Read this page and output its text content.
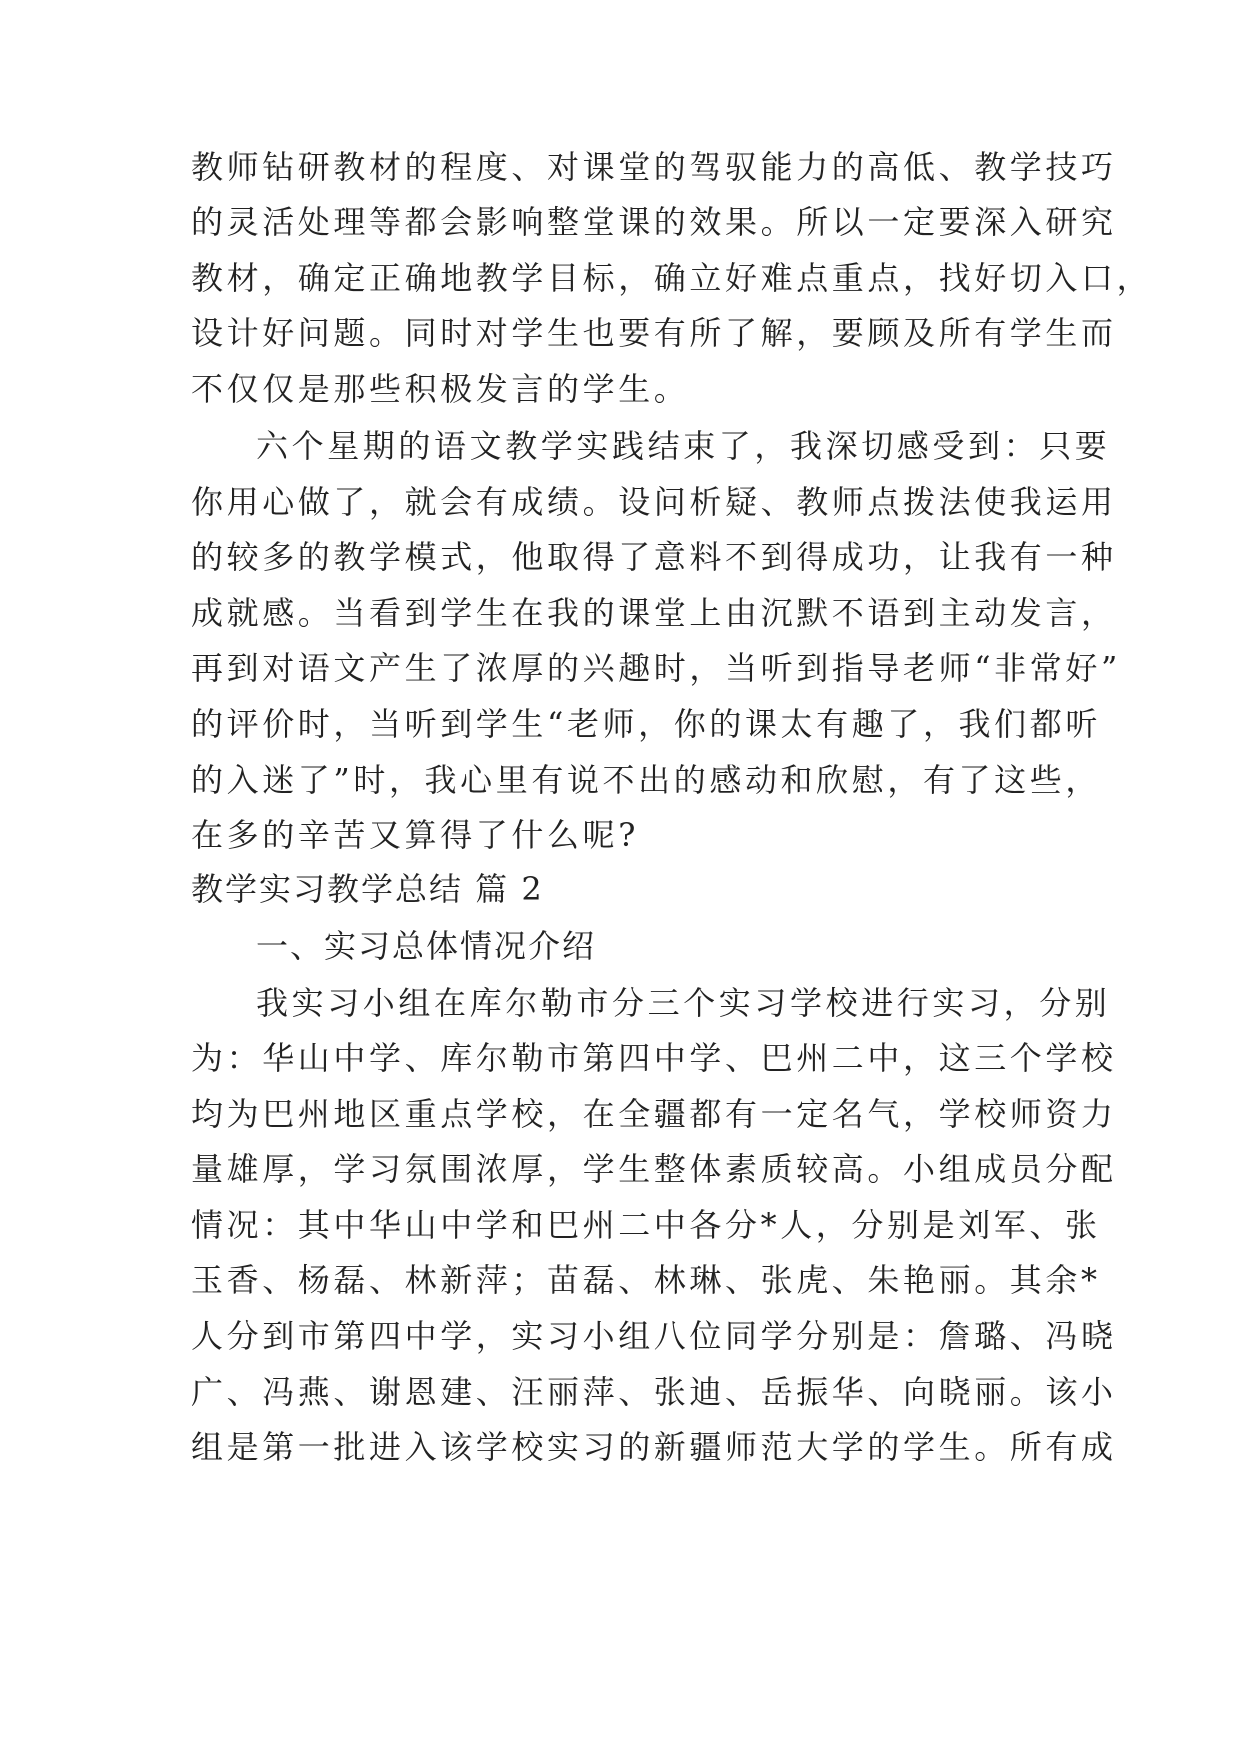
教师钻研教材的程度、对课堂的驾驭能力的高低、教学技巧
的灵活处理等都会影响整堂课的效果。所以一定要深入研究
教材，确定正确地教学目标，确立好难点重点，找好切入口，
设计好问题。同时对学生也要有所了解，要顾及所有学生而
不仅仅是那些积极发言的学生。
六个星期的语文教学实践结束了，我深切感受到：只要
你用心做了，就会有成绩。设问析疑、教师点拨法使我运用
的较多的教学模式，他取得了意料不到得成功，让我有一种
成就感。当看到学生在我的课堂上由沉默不语到主动发言，
再到对语文产生了浓厚的兴趣时，当听到指导老师“非常好”
的评价时，当听到学生“老师，你的课太有趣了，我们都听
的入迷了”时，我心里有说不出的感动和欣慰，有了这些，
在多的辛苦又算得了什么呢?
教学实习教学总结 篇 2
一、实习总体情况介绍
我实习小组在库尔勒市分三个实习学校进行实习，分别
为：华山中学、库尔勒市第四中学、巴州二中，这三个学校
均为巴州地区重点学校，在全疆都有一定名气，学校师资力
量雄厚，学习氛围浓厚，学生整体素质较高。小组成员分配
情况：其中华山中学和巴州二中各分*人，分别是刘军、张
玉香、杨磊、林新萍；苗磊、林琳、张虎、朱艳丽。其余*
人分到市第四中学，实习小组八位同学分别是：詹璐、冯晓
广、冯燕、谢恩建、汪丽萍、张迪、岳振华、向晓丽。该小
组是第一批进入该学校实习的新疆师范大学的学生。所有成
